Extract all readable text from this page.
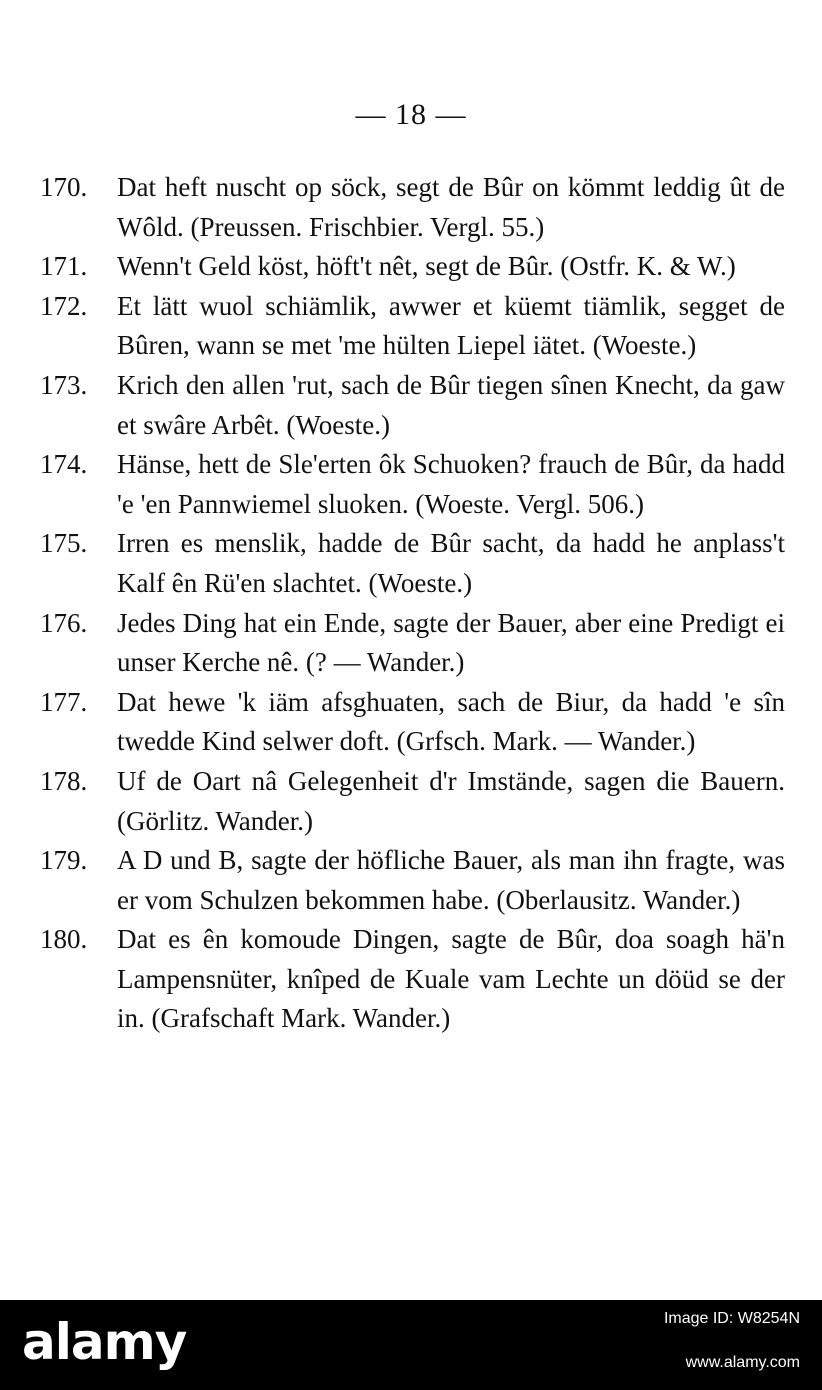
— 18 —
170.	Dat heft nuscht op söck, segt de Bûr on kömmt leddig ût de Wôld. (Preussen. Frischbier. Vergl. 55.)

171.	Wenn't Geld köst, höft't nêt, segt de Bûr. (Ostfr. K. & W.)

172.	Et lätt wuol schiämlik, awwer et küemt tiämlik, segget de Bûren, wann se met 'me hülten Liepel iätet. (Woeste.)

173.	Krich den allen 'rut, sach de Bûr tiegen sînen Knecht, da gaw et swâre Arbêt. (Woeste.)

174.	Hänse, hett de Sle'erten ôk Schuoken? frauch de Bûr, da hadd 'e 'en Pannwiemel sluoken. (Woeste. Vergl. 506.)

175.	Irren es menslik, hadde de Bûr sacht, da hadd he anplass't Kalf ên Rü'en slachtet. (Woeste.)

176.	Jedes Ding hat ein Ende, sagte der Bauer, aber eine Predigt ei unser Kerche nê. (? — Wander.)

177.	Dat hewe 'k iäm afsghuaten, sach de Biur, da hadd 'e sîn twedde Kind selwer doft. (Grfsch. Mark. — Wander.)

178.	Uf de Oart nâ Gelegenheit d'r Imstände, sagen die Bauern. (Görlitz. Wander.)

179.	A D und B, sagte der höfliche Bauer, als man ihn fragte, was er vom Schulzen bekommen habe. (Oberlausitz. Wander.)

180.	Dat es ên komoude Dingen, sagte de Bûr, doa soagh hä'n Lampensnüter, knîped de Kuale vam Lechte un döüd se der in. (Grafschaft Mark. Wander.)

alamy	Image ID: W8254N
www.alamy.com
